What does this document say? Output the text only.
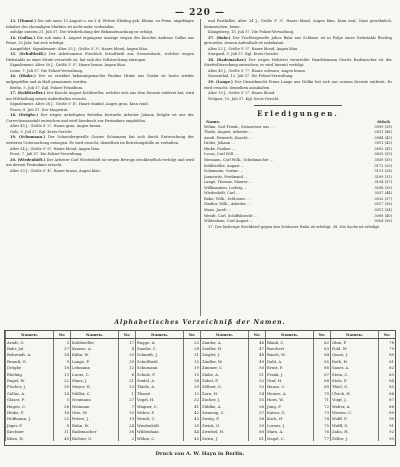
— 220 —

13. (Thomé.) Die sub anno 13 August u. im 3 d. Wittwe Ebeling geb. Kleine, zu Peine, angeklagte Inhaber des ehemaligen Marktes ist nicht mehr vorhanden.

zufolge unterm 21. Juli 57. Die Wiederholung der Bekanntmachung ist erfolgt.

14. (Gallas.) Die sub anno 4. August ergangene Anzeige wegen des Knechts Andreas Gallas aus Peine, 25 Jahr, hat sich erledigt.

Ausgeführt. Signalement: Alter 25 J., Größe 5' 3", Haare blond, Augen blau.

15. (Schultheiß.) Der Arbeitsmann Friedrich Schultheiß aus Grossenbuch, welcher wegen Diebstahls zu einer Strafe verurteilt ist, hat sich der Vollstreckung entzogen.

Signalement: Alter 30 J., Größe 5' 5", Haare braun, Augen blau.

Leine, 7. Juli 57. Die Polizei-Verwaltung.

16. (Hinke.) Der zu erwähnt bekanntgemachte Pauline Hinke aus Goslar ist heute wieder aufgegriffen und in Haft genommen worden.

Berlin, 5. Juli 57. Kgl. Polizei-Präsidium.

17. (Kolditzeller.) Der Knecht August Kolditzeller, welcher sich aus dem Dienste entfernt hat, wird um Mittheilung seines Aufenthaltes ersucht.

Signalement: Alter 28 J., Größe 5' 4", Haare dunkel, Augen grau, Kinn rund.

Posen, 8. Juli 57. Der Magistrat.

18. (Drögbe.) Der wegen unbefugten Bettelns bestrafte Arbeiter Johann Drögbe ist aus der Correctionsanstalt entwichen und wird hierdurch zur Festnahme empfohlen.

Alter 45 J., Größe 5' 2", Haare grau, Augen braun.

Oels, 3. Juli 57. Kgl. Kreis-Gericht.

19. (Schumann.) Der Schneidergeselle Gustav Schumann hat sich durch Entweichung der weiteren Untersuchung entzogen. Es wird ersucht, denselben im Betretungsfalle zu verhaften.

Alter 24 J., Größe 5' 6", Haare blond, Augen blau.

Forst, 7. Juli 57. Die Polizei-Verwaltung.

20. (Wiedenhöft.) Der Arbeiter Carl Wiedenhöft ist wegen Betrugs steckbrieflich verfolgt und wird um dessen Festnahme ersucht.

Alter 33 J., Größe 5' 4", Haare braun, Augen blau.

und Postkeller, Alter 24 J., Größe 5' 3", Haare blond, Augen blau, Kinn oval, Nase gewöhnlich. Kennzeichen: keine.

Königsberg, 15. Juli 57. Die Polizei-Verwaltung.

37. (Bahr.) Der Tischlergeselle Julius Bahr aus Schlawe ist in Folge eines Diebstahls flüchtig geworden, dessen Aufenthalt ist unbekannt.

Alter 22 J., Größe 5' 5", Haare blond, Augen blau.

Stargard, 5. Juli 57. Kgl. Kreis-Gericht.

38. (Rademacher.) Der wegen Hehlerei verurteilte Handelsmann Moritz Rademacher ist der Strafvollstreckung entwichen; er wird hiermit verfolgt.

Alter 40 J., Größe 5' 7", Haare schwarz, Augen braun.

Marienthal, 12. Juli 57. Die Polizei-Verwaltung.

39. (Lange.) Der Dienstknecht Franz Lange aus Wollin hat sich aus seinem Dienste entfernt. Es wird ersucht, denselben anzuhalten.

Alter 19 J., Größe 5' 2", Haare blond.

Wolgast, 10. Juli 57. Kgl. Kreis-Gericht.

Erledigungen.
Name.	Stück
Wöhm, Carl Friedr., Steinsetzer aus …	3959 (39)
Thiele, August, Arbeiter …	3931 (48)
Arndt, Heinrich, Knecht …	3944 (45)
Dröbe, Johann …	3911 (43)
Hinke, Pauline …	3892 (41)
Lucas, Carl Will. …	3833 (39)
Niemann, Carl Wilh., Schuhmacher …	3830 (35)
Kolditzeller, August …	3172 (29)
Schumann, Gustav …	3151 (28)
Jannowitz, Ferdinand …	3109 (31)
Lange, Thomas, Maurer …	3104 (37)
Willkommen, Ludwig …	3038 (35)
Wiedenhöft, Carl …	3037 (44)
Rahn, Wilh., Schlosser …	3032 (37)
Zindler, Wilh., Arbeiter …	3017 (38)
Manz, Jacob …	3011 (34)
Wendt, Carl, Schiffsknecht …	3008 (40)
Wildenhain, Carl August …	3004 (38)

37. Der bisherige Steckbrief gegen den Schlosser Rahn ist erledigt. 38. Die Sache ist erledigt.

Alphabetisches Verzeichniß der Namen.
Namen.	Nr.	Namen.	Nr.	Namen.	Nr.	Namen.	Nr.	Namen.	Nr.	Namen.	Nr.
Arndt, G.	3	Kolditzeller	17	Rogge, A.	23	Zander, A.	46	Blank, C.	62	Ohm, F.	78
Bahr, Jul.	37	Krause, A.	4	Sander, C.	28	Zeidler, H.	47	Borchert	63	Pohl, W.	79
Behrendt, A.	34	Kühn, W.	29	Schmidt, J.	31	Ziegler, J.	48	Busch, W.	64	Quast, J.	80
Brandt, G.	9	Lange, F.	39	Schultheiß	15	Zindler, W.	49	Dahl, A.	65	Roth, H.	81
Drögbe	18	Lehmann	12	Schumann	19	Zimmer, C.	50	Ernst, F.	66	Sauer, A.	82
Ebeling	13	Lucas, C.	6	Schulz, F.	10	Zinke, A.	51	Frank, J.	67	Stein, C.	83
Engel, W.	22	Manz, J.	21	Seidel, A.	36	Zobel, F.	52	Graf, H.	68	Stolz, F.	84
Fischer, J.	30	Meyer, H.	33	Thiele, A.	20	Zöllner, G.	53	Haase, C.	69	Thiel, G.	85
Gallas, A.	14	Müller, C.	1	Thomé	13	Zorn, H.	54	Heinze, A.	70	Ulrich, H.	86
Glaser, F.	5	Neumann	27	Vogel, H.	32	Zucker, J.	55	Horn, W.	71	Voigt, J.	87
Hagen, C.	26	Niemann	7	Wagner, C.	41	Zühlke, A.	56	Jung, F.	72	Walter, A.	88
Hinke, P.	16	Otto, W.	35	Weber, F.	42	Zwanzig, C.	57	Kaiser, G.	73	Werner, C.	89
Hoffmann, J.	25	Peters, J.	19	Wendt, C.	43	Zweig, F.	58	Koch, H.	74	Wolff, F.	90
Jäger, F.	8	Rahn, W.	24	Wiedenhöft	20	Zwick, G.	59	Lorenz, J.	75	Wulff, G.	91
Kirchner	11	Rademacher	38	Wildenhain	44	Zwiebel, H.	60	Marx, A.	76	Zahn, H.	92
Klein, H.	40	Richter, G.	2	Wöhm, C.	45	Zwirn, J.	61	Nagel, C.	77	Zeller, J.	93
Druck von A. W. Hayn in Berlin.
